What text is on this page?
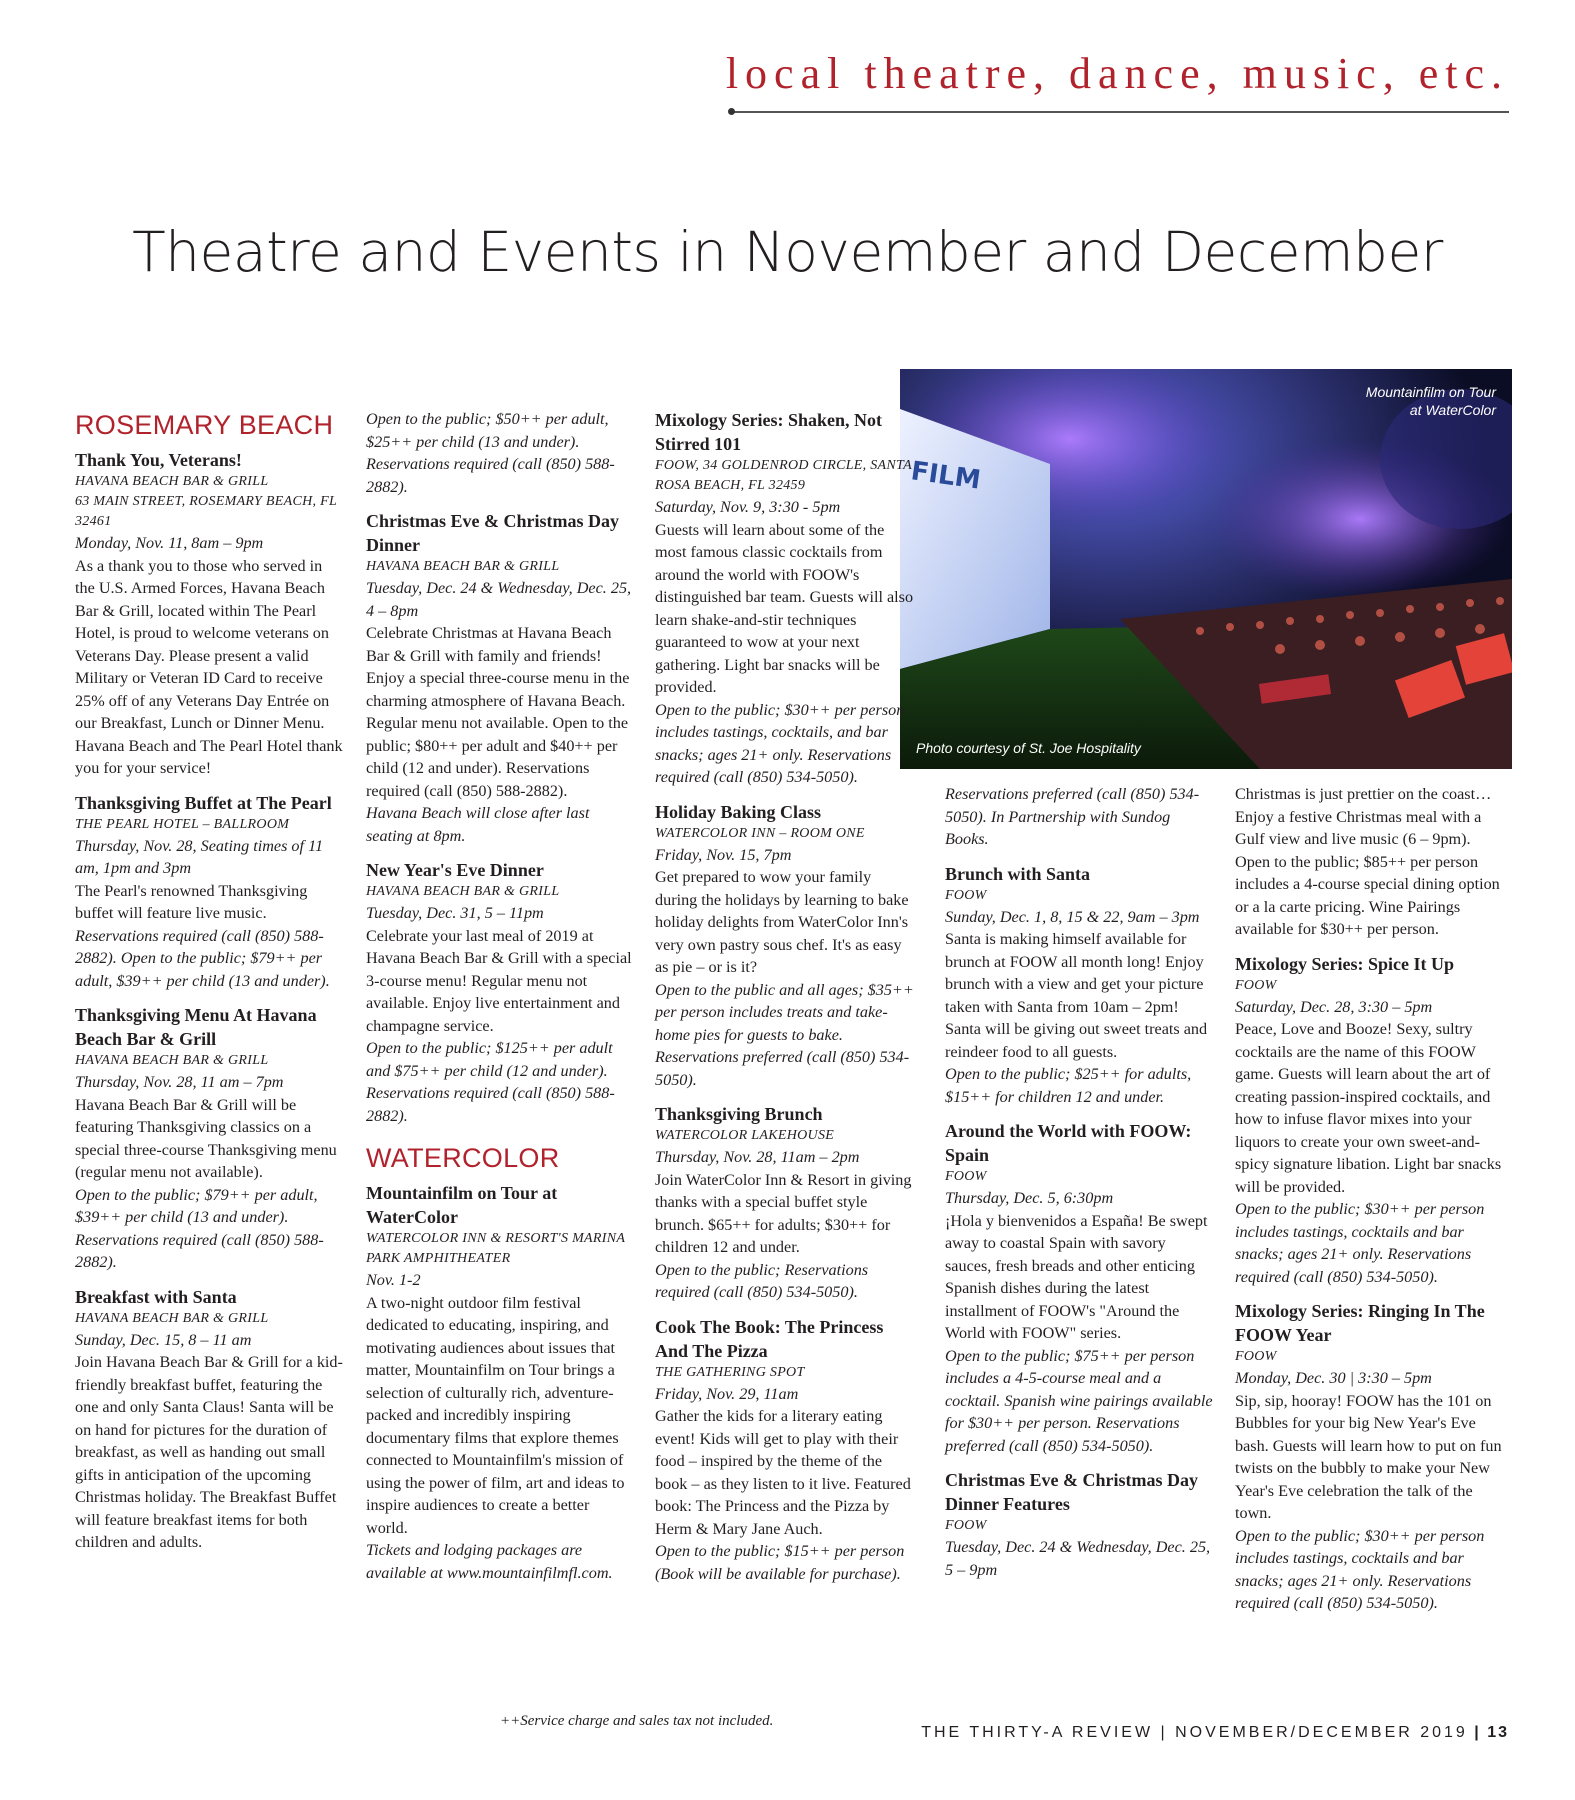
local theatre, dance, music, etc.
Theatre and Events in November and December
FILM
Mountainfilm on Tour
at WaterColor
Photo courtesy of St. Joe Hospitality
ROSEMARY BEACH
Thank You, Veterans!
HAVANA BEACH BAR & GRILL
63 MAIN STREET, ROSEMARY BEACH, FL 32461
Monday, Nov. 11, 8am – 9pm

As a thank you to those who served in the U.S. Armed Forces, Havana Beach Bar & Grill, located within The Pearl Hotel, is proud to welcome veterans on Veterans Day. Please present a valid Military or Veteran ID Card to receive 25% off of any Veterans Day Entrée on our Breakfast, Lunch or Dinner Menu. Havana Beach and The Pearl Hotel thank you for your service!

Thanksgiving Buffet at The Pearl
THE PEARL HOTEL – BALLROOM
Thursday, Nov. 28, Seating times of 11 am, 1pm and 3pm

The Pearl's renowned Thanksgiving buffet will feature live music.

Reservations required (call (850) 588-2882). Open to the public; $79++ per adult, $39++ per child (13 and under).

Thanksgiving Menu At Havana Beach Bar & Grill
HAVANA BEACH BAR & GRILL
Thursday, Nov. 28, 11 am – 7pm

Havana Beach Bar & Grill will be featuring Thanksgiving classics on a special three-course Thanksgiving menu (regular menu not available).

Open to the public; $79++ per adult, $39++ per child (13 and under). Reservations required (call (850) 588-2882).

Breakfast with Santa
HAVANA BEACH BAR & GRILL
Sunday, Dec. 15, 8 – 11 am

Join Havana Beach Bar & Grill for a kid-friendly breakfast buffet, featuring the one and only Santa Claus! Santa will be on hand for pictures for the duration of breakfast, as well as handing out small gifts in anticipation of the upcoming Christmas holiday. The Breakfast Buffet will feature breakfast items for both children and adults.

Open to the public; $50++ per adult, $25++ per child (13 and under). Reservations required (call (850) 588-2882).

Christmas Eve & Christmas Day Dinner
HAVANA BEACH BAR & GRILL
Tuesday, Dec. 24 & Wednesday, Dec. 25, 4 – 8pm

Celebrate Christmas at Havana Beach Bar & Grill with family and friends! Enjoy a special three-course menu in the charming atmosphere of Havana Beach. Regular menu not available. Open to the public; $80++ per adult and $40++ per child (12 and under). Reservations required (call (850) 588-2882).

Havana Beach will close after last seating at 8pm.

New Year's Eve Dinner
HAVANA BEACH BAR & GRILL
Tuesday, Dec. 31, 5 – 11pm

Celebrate your last meal of 2019 at Havana Beach Bar & Grill with a special 3-course menu! Regular menu not available. Enjoy live entertainment and champagne service.

Open to the public; $125++ per adult and $75++ per child (12 and under). Reservations required (call (850) 588-2882).

WATERCOLOR
Mountainfilm on Tour at WaterColor
WATERCOLOR INN & RESORT'S MARINA PARK AMPHITHEATER
Nov. 1-2

A two-night outdoor film festival dedicated to educating, inspiring, and motivating audiences about issues that matter, Mountainfilm on Tour brings a selection of culturally rich, adventure-packed and incredibly inspiring documentary films that explore themes connected to Mountainfilm's mission of using the power of film, art and ideas to inspire audiences to create a better world.

Tickets and lodging packages are available at www.mountainfilmfl.com.

Mixology Series: Shaken, Not Stirred 101
FOOW, 34 GOLDENROD CIRCLE, SANTA ROSA BEACH, FL 32459
Saturday, Nov. 9, 3:30 - 5pm

Guests will learn about some of the most famous classic cocktails from around the world with FOOW's distinguished bar team. Guests will also learn shake-and-stir techniques guaranteed to wow at your next gathering. Light bar snacks will be provided.

Open to the public; $30++ per person includes tastings, cocktails, and bar snacks; ages 21+ only. Reservations required (call (850) 534-5050).

Holiday Baking Class
WATERCOLOR INN – ROOM ONE
Friday, Nov. 15, 7pm

Get prepared to wow your family during the holidays by learning to bake holiday delights from WaterColor Inn's very own pastry sous chef. It's as easy as pie – or is it?

Open to the public and all ages; $35++ per person includes treats and take-home pies for guests to bake. Reservations preferred (call (850) 534-5050).

Thanksgiving Brunch
WATERCOLOR LAKEHOUSE
Thursday, Nov. 28, 11am – 2pm

Join WaterColor Inn & Resort in giving thanks with a special buffet style brunch. $65++ for adults; $30++ for children 12 and under.

Open to the public; Reservations required (call (850) 534-5050).

Cook The Book: The Princess And The Pizza
THE GATHERING SPOT
Friday, Nov. 29, 11am

Gather the kids for a literary eating event! Kids will get to play with their food – inspired by the theme of the book – as they listen to it live. Featured book: The Princess and the Pizza by Herm & Mary Jane Auch.

Open to the public; $15++ per person (Book will be available for purchase).

Reservations preferred (call (850) 534-5050). In Partnership with Sundog Books.

Brunch with Santa
FOOW
Sunday, Dec. 1, 8, 15 & 22, 9am – 3pm

Santa is making himself available for brunch at FOOW all month long! Enjoy brunch with a view and get your picture taken with Santa from 10am – 2pm! Santa will be giving out sweet treats and reindeer food to all guests.

Open to the public; $25++ for adults, $15++ for children 12 and under.

Around the World with FOOW: Spain
FOOW
Thursday, Dec. 5, 6:30pm

¡Hola y bienvenidos a España! Be swept away to coastal Spain with savory sauces, fresh breads and other enticing Spanish dishes during the latest installment of FOOW's "Around the World with FOOW" series.

Open to the public; $75++ per person includes a 4-5-course meal and a cocktail. Spanish wine pairings available for $30++ per person. Reservations preferred (call (850) 534-5050).

Christmas Eve & Christmas Day Dinner Features
FOOW
Tuesday, Dec. 24 & Wednesday, Dec. 25, 5 – 9pm

Christmas is just prettier on the coast… Enjoy a festive Christmas meal with a Gulf view and live music (6 – 9pm). Open to the public; $85++ per person includes a 4-course special dining option or a la carte pricing. Wine Pairings available for $30++ per person.

Mixology Series: Spice It Up
FOOW
Saturday, Dec. 28, 3:30 – 5pm

Peace, Love and Booze! Sexy, sultry cocktails are the name of this FOOW game. Guests will learn about the art of creating passion-inspired cocktails, and how to infuse flavor mixes into your liquors to create your own sweet-and-spicy signature libation. Light bar snacks will be provided.

Open to the public; $30++ per person includes tastings, cocktails and bar snacks; ages 21+ only. Reservations required (call (850) 534-5050).

Mixology Series: Ringing In The FOOW Year
FOOW
Monday, Dec. 30 | 3:30 – 5pm

Sip, sip, hooray! FOOW has the 101 on Bubbles for your big New Year's Eve bash. Guests will learn how to put on fun twists on the bubbly to make your New Year's Eve celebration the talk of the town.

Open to the public; $30++ per person includes tastings, cocktails and bar snacks; ages 21+ only. Reservations required (call (850) 534-5050).

++Service charge and sales tax not included.
THE THIRTY-A REVIEW | NOVEMBER/DECEMBER 2019 | 13
